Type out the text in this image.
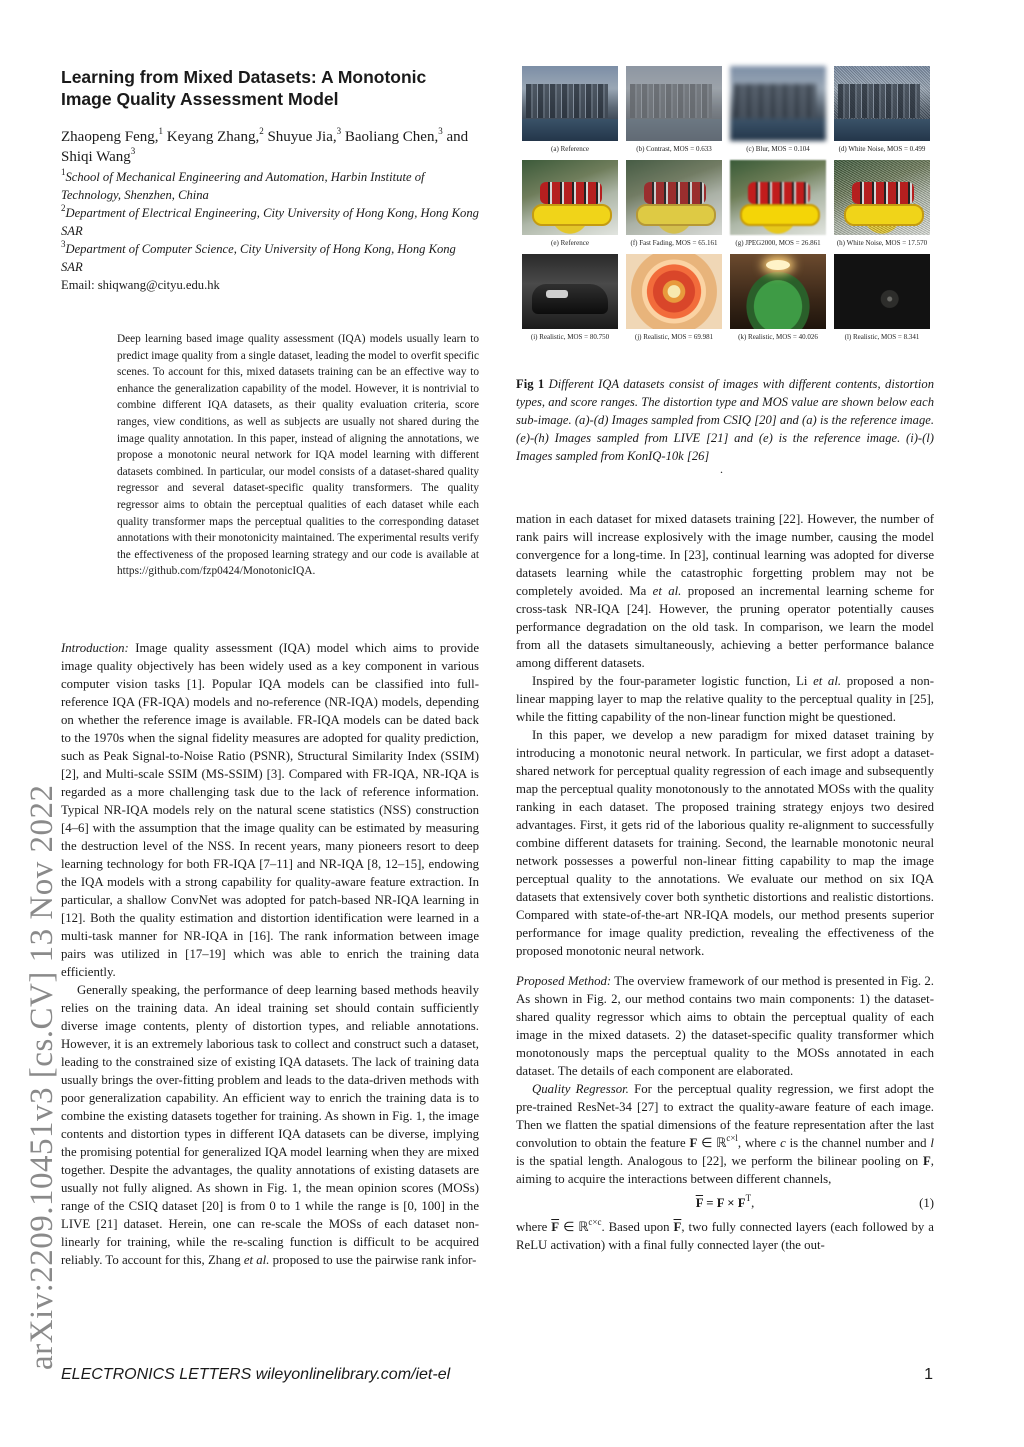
arXiv:2209.10451v3 [cs.CV] 13 Nov 2022
Learning from Mixed Datasets: A Monotonic Image Quality Assessment Model

Zhaopeng Feng,$^1$ Keyang Zhang,$^2$ Shuyue Jia,$^3$ Baoliang Chen,$^3$ and Shiqi Wang$^3$

$^1$School of Mechanical Engineering and Automation, Harbin Institute of Technology, Shenzhen, China

$^2$Department of Electrical Engineering, City University of Hong Kong, Hong Kong SAR

$^3$Department of Computer Science, City University of Hong Kong, Hong Kong SAR

Email: shiqwang@cityu.edu.hk

Deep learning based image quality assessment (IQA) models usually learn to predict image quality from a single dataset, leading the model to overfit specific scenes. To account for this, mixed datasets training can be an effective way to enhance the generalization capability of the model. However, it is nontrivial to combine different IQA datasets, as their quality evaluation criteria, score ranges, view conditions, as well as subjects are usually not shared during the image quality annotation. In this paper, instead of aligning the annotations, we propose a monotonic neural network for IQA model learning with different datasets combined. In particular, our model consists of a dataset-shared quality regressor and several dataset-specific quality transformers. The quality regressor aims to obtain the perceptual qualities of each dataset while each quality transformer maps the perceptual qualities to the corresponding dataset annotations with their monotonicity maintained. The experimental results verify the effectiveness of the proposed learning strategy and our code is available at https://github.com/fzp0424/MonotonicIQA.

Introduction: Image quality assessment (IQA) model which aims to provide image quality objectively has been widely used as a key component in various computer vision tasks [1]. Popular IQA models can be classified into full-reference IQA (FR-IQA) models and no-reference (NR-IQA) models, depending on whether the reference image is available. FR-IQA models can be dated back to the 1970s when the signal fidelity measures are adopted for quality prediction, such as Peak Signal-to-Noise Ratio (PSNR), Structural Similarity Index (SSIM) [2], and Multi-scale SSIM (MS-SSIM) [3]. Compared with FR-IQA, NR-IQA is regarded as a more challenging task due to the lack of reference information. Typical NR-IQA models rely on the natural scene statistics (NSS) construction [4–6] with the assumption that the image quality can be estimated by measuring the destruction level of the NSS. In recent years, many pioneers resort to deep learning technology for both FR-IQA [7–11] and NR-IQA [8, 12–15], endowing the IQA models with a strong capability for quality-aware feature extraction. In particular, a shallow ConvNet was adopted for patch-based NR-IQA learning in [12]. Both the quality estimation and distortion identification were learned in a multi-task manner for NR-IQA in [16]. The rank information between image pairs was utilized in [17–19] which was able to enrich the training data efficiently.

Generally speaking, the performance of deep learning based methods heavily relies on the training data. An ideal training set should contain sufficiently diverse image contents, plenty of distortion types, and reliable annotations. However, it is an extremely laborious task to collect and construct such a dataset, leading to the constrained size of existing IQA datasets. The lack of training data usually brings the over-fitting problem and leads to the data-driven methods with poor generalization capability. An efficient way to enrich the training data is to combine the existing datasets together for training. As shown in Fig. 1, the image contents and distortion types in different IQA datasets can be diverse, implying the promising potential for generalized IQA model learning when they are mixed together. Despite the advantages, the quality annotations of existing datasets are usually not fully aligned. As shown in Fig. 1, the mean opinion scores (MOSs) range of the CSIQ dataset [20] is from 0 to 1 while the range is [0, 100] in the LIVE [21] dataset. Herein, one can re-scale the MOSs of each dataset non-linearly for training, while the re-scaling function is difficult to be acquired reliably. To account for this, Zhang et al. proposed to use the pairwise rank infor-

(a) Reference	(b) Contrast, MOS = 0.633	(c) Blur, MOS = 0.104	(d) White Noise, MOS = 0.499
(e) Reference	(f) Fast Fading, MOS = 65.161	(g) JPEG2000, MOS = 26.861	(h) White Noise, MOS = 17.570
(i) Realistic, MOS = 80.750	(j) Realistic, MOS = 69.981	(k) Realistic, MOS = 40.026	(l) Realistic, MOS = 8.341

Fig 1 Different IQA datasets consist of images with different contents, distortion types, and score ranges. The distortion type and MOS value are shown below each sub-image. (a)-(d) Images sampled from CSIQ [20] and (a) is the reference image. (e)-(h) Images sampled from LIVE [21] and (e) is the reference image. (i)-(l) Images sampled from KonIQ-10k [26]

.

mation in each dataset for mixed datasets training [22]. However, the number of rank pairs will increase explosively with the image number, causing the model convergence for a long-time. In [23], continual learning was adopted for diverse datasets learning while the catastrophic forgetting problem may not be completely avoided. Ma et al. proposed an incremental learning scheme for cross-task NR-IQA [24]. However, the pruning operator potentially causes performance degradation on the old task. In comparison, we learn the model from all the datasets simultaneously, achieving a better performance balance among different datasets.

Inspired by the four-parameter logistic function, Li et al. proposed a non-linear mapping layer to map the relative quality to the perceptual quality in [25], while the fitting capability of the non-linear function might be questioned.

In this paper, we develop a new paradigm for mixed dataset training by introducing a monotonic neural network. In particular, we first adopt a dataset-shared network for perceptual quality regression of each image and subsequently map the perceptual quality monotonously to the annotated MOSs with the quality ranking in each dataset. The proposed training strategy enjoys two desired advantages. First, it gets rid of the laborious quality re-alignment to successfully combine different datasets for training. Second, the learnable monotonic neural network possesses a powerful non-linear fitting capability to map the image perceptual quality to the annotations. We evaluate our method on six IQA datasets that extensively cover both synthetic distortions and realistic distortions. Compared with state-of-the-art NR-IQA models, our method presents superior performance for image quality prediction, revealing the effectiveness of the proposed monotonic neural network.

Proposed Method: The overview framework of our method is presented in Fig. 2. As shown in Fig. 2, our method contains two main components: 1) the dataset-shared quality regressor which aims to obtain the perceptual quality of each image in the mixed datasets. 2) the dataset-specific quality transformer which monotonously maps the perceptual quality to the MOSs annotated in each dataset. The details of each component are elaborated.

Quality Regressor. For the perceptual quality regression, we first adopt the pre-trained ResNet-34 [27] to extract the quality-aware feature of each image. Then we flatten the spatial dimensions of the feature representation after the last convolution to obtain the feature F ∈ ℝ$^{c\times l}$, where c is the channel number and l is the spatial length. Analogous to [22], we perform the bilinear pooling on F, aiming to acquire the interactions between different channels,

$\overline{F} = F \times F^T$,	(1)

where $\overline{F}$ ∈ ℝ$^{c\times c}$. Based upon $\overline{F}$, two fully connected layers (each followed by a ReLU activation) with a final fully connected layer (the out-

ELECTRONICS LETTERS wileyonlinelibrary.com/iet-el	1
